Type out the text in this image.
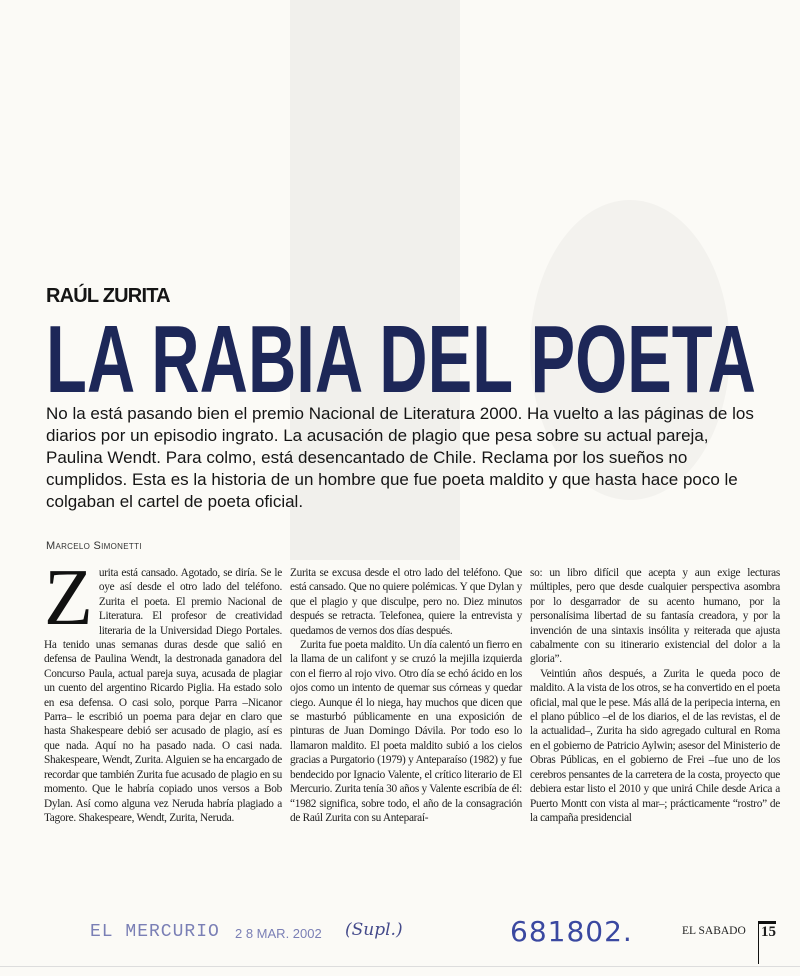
RAÚL ZURITA
LA RABIA DEL POETA
No la está pasando bien el premio Nacional de Literatura 2000. Ha vuelto a las páginas de los diarios por un episodio ingrato. La acusación de plagio que pesa sobre su actual pareja, Paulina Wendt. Para colmo, está desencantado de Chile. Reclama por los sueños no cumplidos. Esta es la historia de un hombre que fue poeta maldito y que hasta hace poco le colgaban el cartel de poeta oficial.
Marcelo Simonetti
Z urita está cansado. Agotado, se diría. Se le oye así desde el otro lado del teléfono. Zurita el poeta. El premio Nacional de Literatura. El profesor de creatividad literaria de la Universidad Diego Portales. Ha tenido unas semanas duras desde que salió en defensa de Paulina Wendt, la destronada ganadora del Concurso Paula, actual pareja suya, acusada de plagiar un cuento del argentino Ricardo Piglia. Ha estado solo en esa defensa. O casi solo, porque Parra –Nicanor Parra– le escribió un poema para dejar en claro que hasta Shakespeare debió ser acusado de plagio, así es que nada. Aquí no ha pasado nada. O casi nada. Shakespeare, Wendt, Zurita. Alguien se ha encargado de recordar que también Zurita fue acusado de plagio en su momento. Que le habría copiado unos versos a Bob Dylan. Así como alguna vez Neruda habría plagiado a Tagore. Shakespeare, Wendt, Zurita, Neruda.

Zurita se excusa desde el otro lado del teléfono. Que está cansado. Que no quiere polémicas. Y que Dylan y que el plagio y que disculpe, pero no. Diez minutos después se retracta. Telefonea, quiere la entrevista y quedamos de vernos dos días después.

Zurita fue poeta maldito. Un día calentó un fierro en la llama de un califont y se cruzó la mejilla izquierda con el fierro al rojo vivo. Otro día se echó ácido en los ojos como un intento de quemar sus córneas y quedar ciego. Aunque él lo niega, hay muchos que dicen que se masturbó públicamente en una exposición de pinturas de Juan Domingo Dávila. Por todo eso lo llamaron maldito. El poeta maldito subió a los cielos gracias a Purgatorio (1979) y Anteparaíso (1982) y fue bendecido por Ignacio Valente, el crítico literario de El Mercurio. Zurita tenía 30 años y Valente escribía de él: “1982 significa, sobre todo, el año de la consagración de Raúl Zurita con su Anteparaí-

so: un libro difícil que acepta y aun exige lecturas múltiples, pero que desde cualquier perspectiva asombra por lo desgarrador de su acento humano, por la personalísima libertad de su fantasía creadora, y por la invención de una sintaxis insólita y reiterada que ajusta cabalmente con su itinerario existencial del dolor a la gloria”.

Veintiún años después, a Zurita le queda poco de maldito. A la vista de los otros, se ha convertido en el poeta oficial, mal que le pese. Más allá de la peripecia interna, en el plano público –el de los diarios, el de las revistas, el de la actualidad–, Zurita ha sido agregado cultural en Roma en el gobierno de Patricio Aylwin; asesor del Ministerio de Obras Públicas, en el gobierno de Frei –fue uno de los cerebros pensantes de la carretera de la costa, proyecto que debiera estar listo el 2010 y que unirá Chile desde Arica a Puerto Montt con vista al mar–; prácticamente “rostro” de la campaña presidencial

EL MERCURIO 2 8 MAR. 2002 (Supl.)	681802.	EL SABADO 15
